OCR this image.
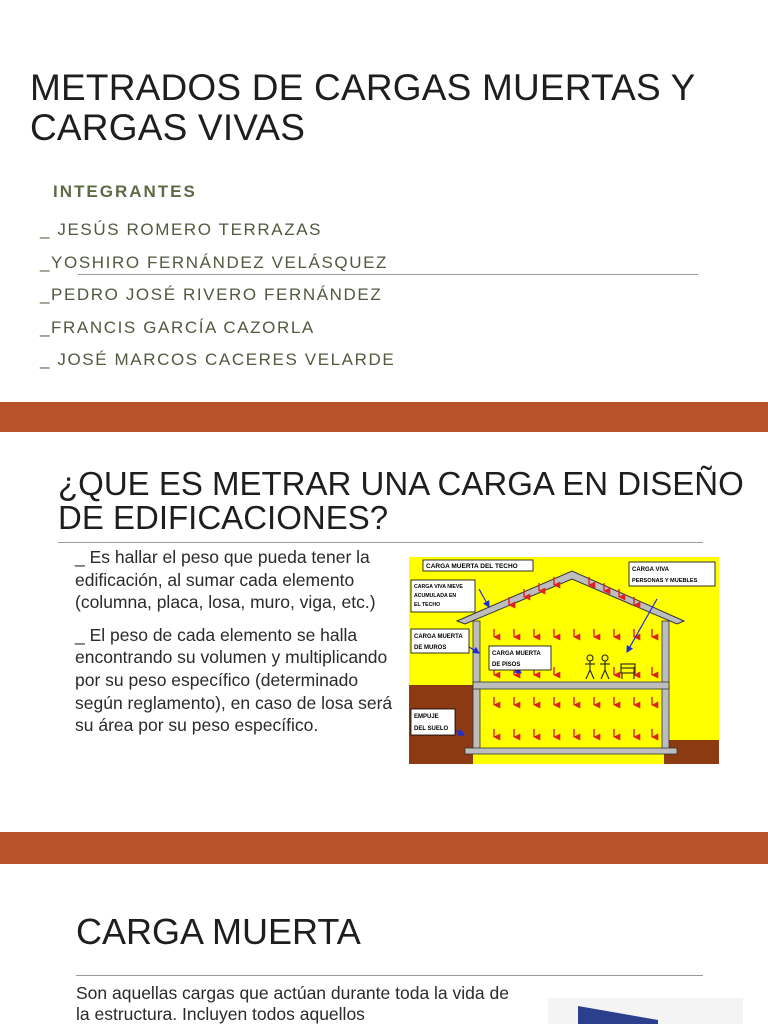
METRADOS DE CARGAS MUERTAS Y CARGAS VIVAS
INTEGRANTES
_ JESÚS ROMERO TERRAZAS
_YOSHIRO FERNÁNDEZ VELÁSQUEZ
_PEDRO JOSÉ RIVERO FERNÁNDEZ
_FRANCIS GARCÍA CAZORLA
_ JOSÉ MARCOS CACERES VELARDE
¿QUE ES METRAR UNA CARGA EN DISEÑO DE EDIFICACIONES?

_ Es hallar el peso que pueda tener la edificación, al sumar cada elemento (columna, placa, losa, muro, viga, etc.)

_ El peso de cada elemento se halla encontrando su volumen y multiplicando por su peso específico (determinado según reglamento), en caso de losa será su área por su peso específico.

CARGA MUERTA DEL TECHO
CARGA VIVA NIEVE
ACUMULADA EN
EL TECHO
CARGA VIVA
PERSONAS Y MUEBLES
CARGA MUERTA
DE MUROS
CARGA MUERTA
DE PISOS
EMPUJE
DEL SUELO
CARGA MUERTA

Son aquellas cargas que actúan durante toda la vida de la estructura. Incluyen todos aquellos
